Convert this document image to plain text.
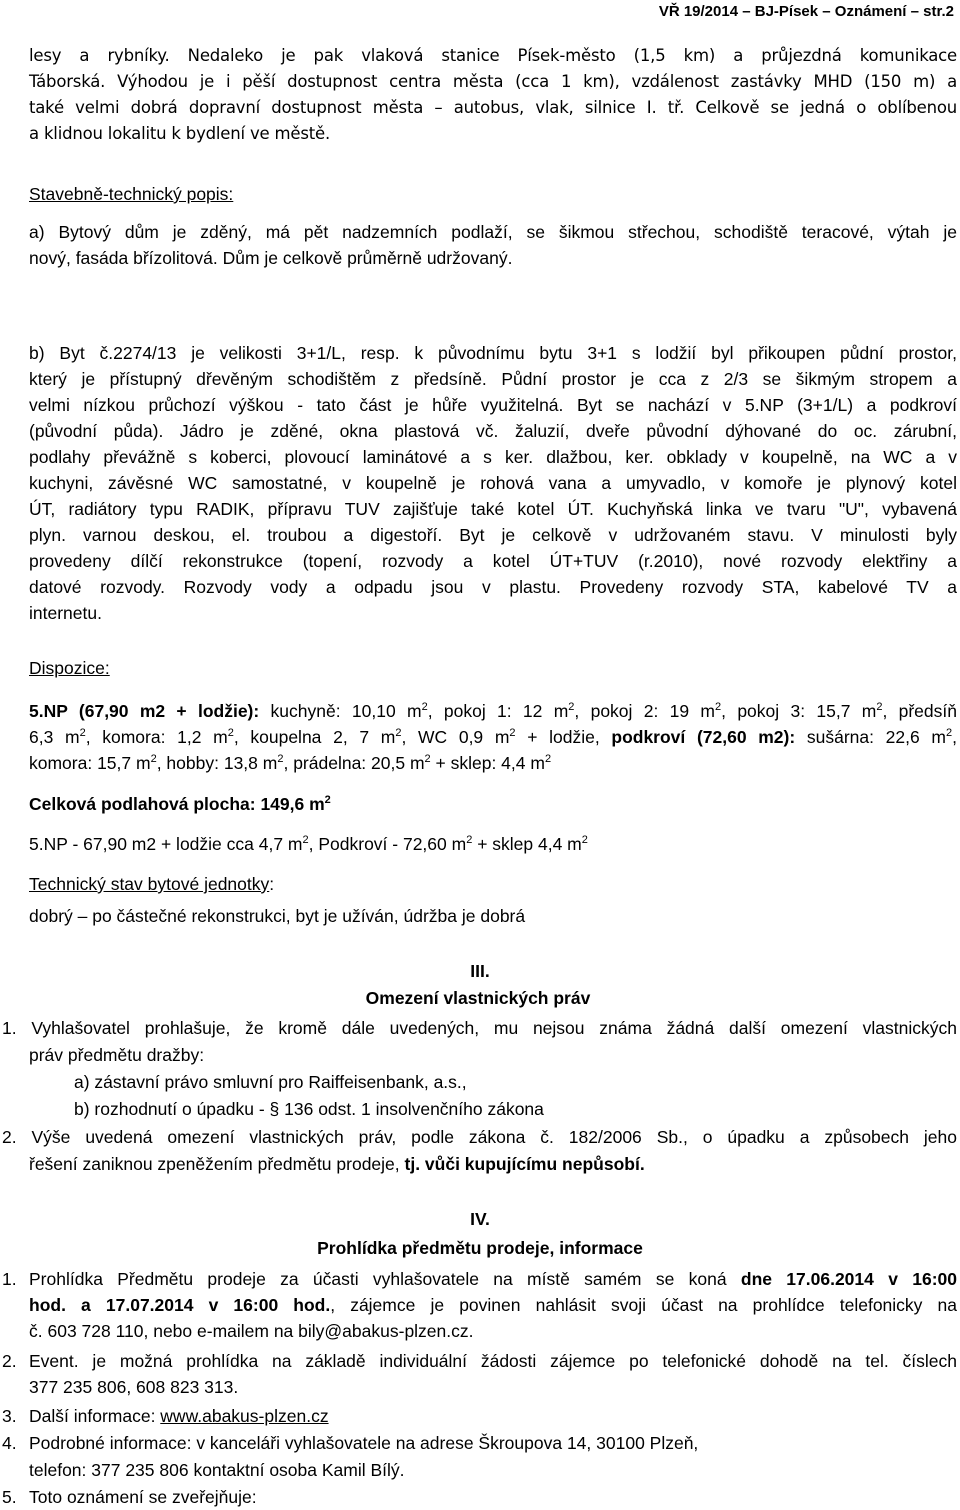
VŘ 19/2014 – BJ-Písek – Oznámení – str.2
lesy a rybníky. Nedaleko je pak vlaková stanice Písek-město (1,5 km) a průjezdná komunikace
Táborská. Výhodou je i pěší dostupnost centra města (cca 1 km), vzdálenost zastávky MHD (150 m) a
také velmi dobrá dopravní dostupnost města – autobus, vlak, silnice I. tř. Celkově se jedná o oblíbenou
a klidnou lokalitu k bydlení ve městě.
Stavebně-technický popis:
a) Bytový dům je zděný, má pět nadzemních podlaží, se šikmou střechou, schodiště teracové, výtah je
nový, fasáda břízolitová. Dům je celkově průměrně udržovaný.
b) Byt č.2274/13 je velikosti 3+1/L, resp. k původnímu bytu 3+1 s lodžií byl přikoupen půdní prostor,
který je přístupný dřevěným schodištěm z předsíně. Půdní prostor je cca z 2/3 se šikmým stropem a
velmi nízkou průchozí výškou - tato část je hůře využitelná. Byt se nachází v 5.NP (3+1/L) a podkroví
(původní půda). Jádro je zděné, okna plastová vč. žaluzií, dveře původní dýhované do oc. zárubní,
podlahy převážně s koberci, plovoucí laminátové a s ker. dlažbou, ker. obklady v koupelně, na WC a v
kuchyni, závěsné WC samostatné, v koupelně je rohová vana a umyvadlo, v komoře je plynový kotel
ÚT, radiátory typu RADIK, přípravu TUV zajišťuje také kotel ÚT. Kuchyňská linka ve tvaru "U", vybavená
plyn. varnou deskou, el. troubou a digestoří. Byt je celkově v udržovaném stavu. V minulosti byly
provedeny dílčí rekonstrukce (topení, rozvody a kotel ÚT+TUV (r.2010), nové rozvody elektřiny a
datové rozvody. Rozvody vody a odpadu jsou v plastu. Provedeny rozvody STA, kabelové TV a
internetu.
Dispozice:
5.NP (67,90 m2 + lodžie): kuchyně: 10,10 $m^2$, pokoj 1: 12 $m^2$, pokoj 2: 19 $m^2$, pokoj 3: 15,7 $m^2$, předsíň
6,3 $m^2$, komora: 1,2 $m^2$, koupelna 2, 7 $m^2$, WC 0,9 $m^2$ + lodžie, podkroví (72,60 m2): sušárna: 22,6 $m^2$,
komora: 15,7 $m^2$, hobby: 13,8 $m^2$, prádelna: 20,5 $m^2$ + sklep: 4,4 $m^2$
Celková podlahová plocha: 149,6 $m^2$
5.NP - 67,90 m2 + lodžie cca 4,7 $m^2$, Podkroví - 72,60 $m^2$ + sklep 4,4 $m^2$
Technický stav bytové jednotky:
dobrý – po částečné rekonstrukci, byt je užíván, údržba je dobrá
III.
Omezení vlastnických práv
1. Vyhlašovatel prohlašuje, že kromě dále uvedených, mu nejsou známa žádná další omezení vlastnických
práv předmětu dražby:
a) zástavní právo smluvní pro Raiffeisenbank, a.s.,
b) rozhodnutí o úpadku - § 136 odst. 1 insolvenčního zákona
2. Výše uvedená omezení vlastnických práv, podle zákona č. 182/2006 Sb., o úpadku a způsobech jeho
řešení zaniknou zpeněžením předmětu prodeje, tj. vůči kupujícímu nepůsobí.
IV.
Prohlídka předmětu prodeje, informace
1. Prohlídka Předmětu prodeje za účasti vyhlašovatele na místě samém se koná dne 17.06.2014 v 16:00
hod. a 17.07.2014 v 16:00 hod., zájemce je povinen nahlásit svoji účast na prohlídce telefonicky na
č. 603 728 110, nebo e-mailem na bily@abakus-plzen.cz.
2. Event. je možná prohlídka na základě individuální žádosti zájemce po telefonické dohodě na tel. číslech
377 235 806, 608 823 313.
3. Další informace: www.abakus-plzen.cz
4. Podrobné informace: v kanceláři vyhlašovatele na adrese Škroupova 14, 30100 Plzeň,
telefon: 377 235 806 kontaktní osoba Kamil Bílý.
5. Toto oznámení se zveřejňuje:
